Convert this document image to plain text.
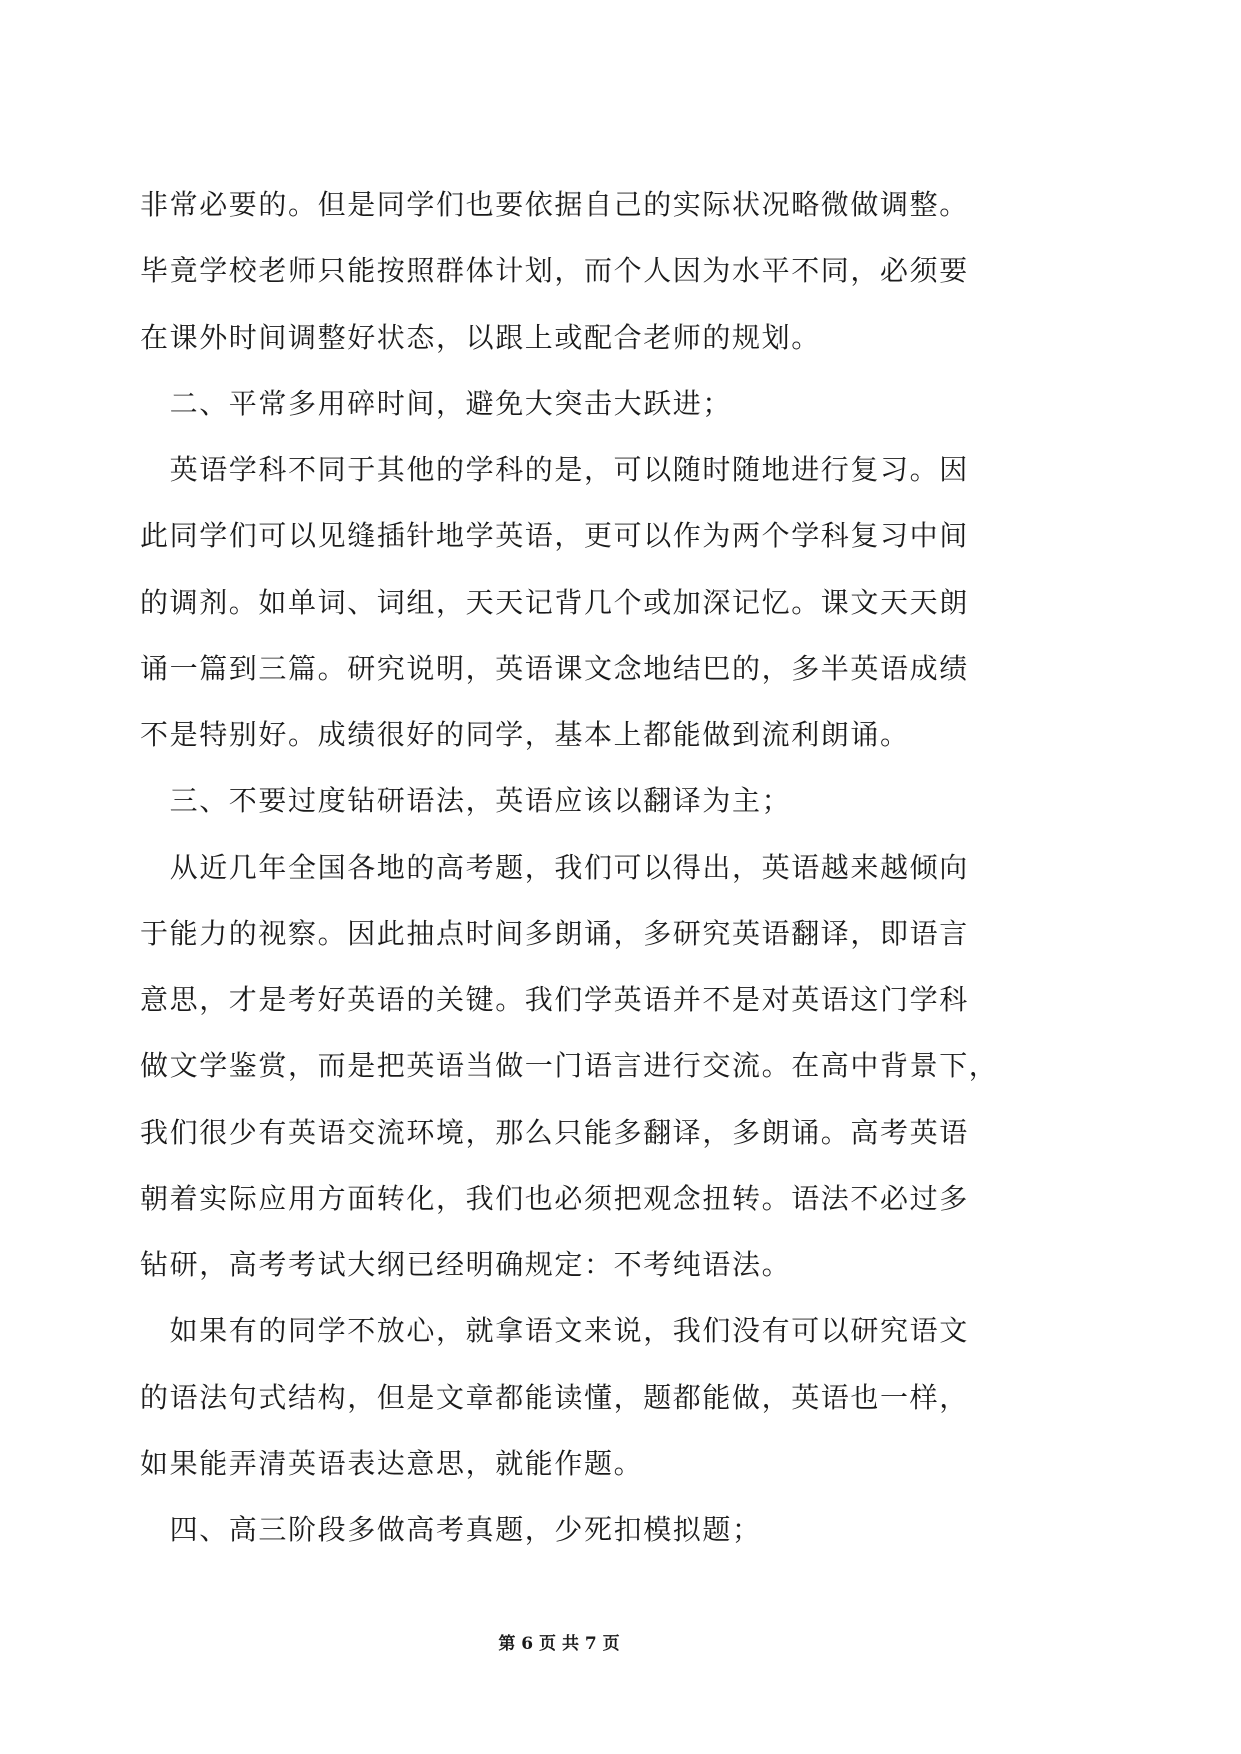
非常必要的。但是同学们也要依据自己的实际状况略微做调整。
毕竟学校老师只能按照群体计划，而个人因为水平不同，必须要
在课外时间调整好状态，以跟上或配合老师的规划。
二、平常多用碎时间，避免大突击大跃进；
英语学科不同于其他的学科的是，可以随时随地进行复习。因
此同学们可以见缝插针地学英语，更可以作为两个学科复习中间
的调剂。如单词、词组，天天记背几个或加深记忆。课文天天朗
诵一篇到三篇。研究说明，英语课文念地结巴的，多半英语成绩
不是特别好。成绩很好的同学，基本上都能做到流利朗诵。
三、不要过度钻研语法，英语应该以翻译为主；
从近几年全国各地的高考题，我们可以得出，英语越来越倾向
于能力的视察。因此抽点时间多朗诵，多研究英语翻译，即语言
意思，才是考好英语的关键。我们学英语并不是对英语这门学科
做文学鉴赏，而是把英语当做一门语言进行交流。在高中背景下，
我们很少有英语交流环境，那么只能多翻译，多朗诵。高考英语
朝着实际应用方面转化，我们也必须把观念扭转。语法不必过多
钻研，高考考试大纲已经明确规定：不考纯语法。
如果有的同学不放心，就拿语文来说，我们没有可以研究语文
的语法句式结构，但是文章都能读懂，题都能做，英语也一样，
如果能弄清英语表达意思，就能作题。
四、高三阶段多做高考真题，少死扣模拟题；
第 6 页 共 7 页
